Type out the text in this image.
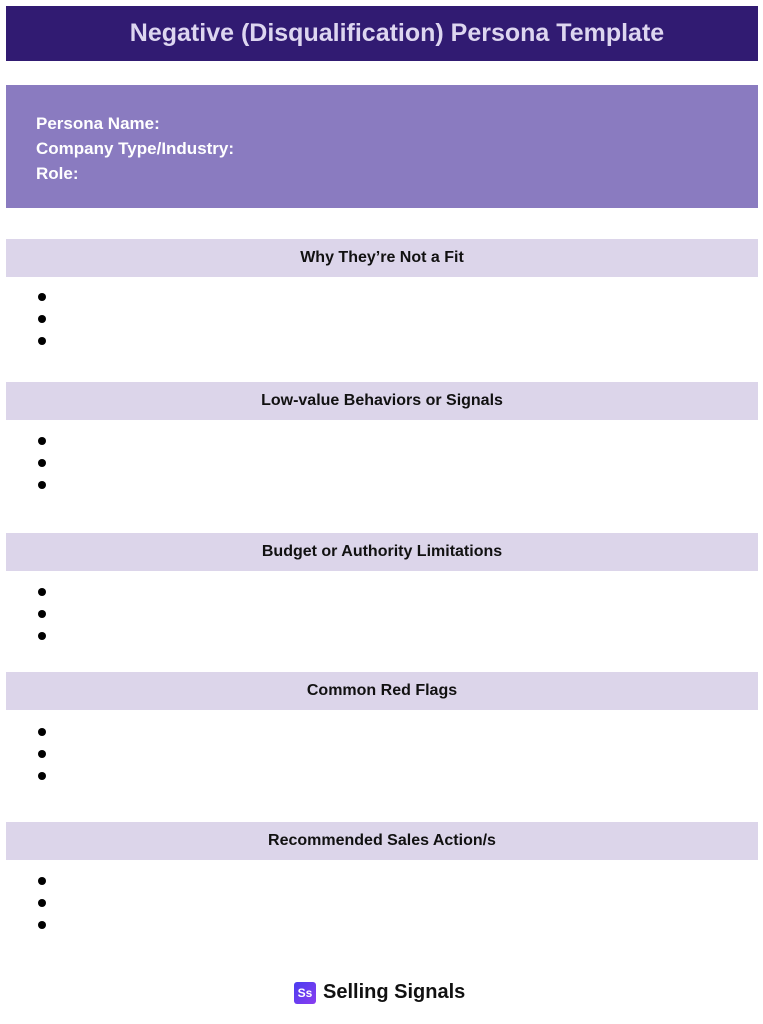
Negative (Disqualification) Persona Template
Persona Name:
Company Type/Industry:
Role:
Why They’re Not a Fit
Low-value Behaviors or Signals
Budget or Authority Limitations
Common Red Flags
Recommended Sales Action/s
Ss Selling Signals
